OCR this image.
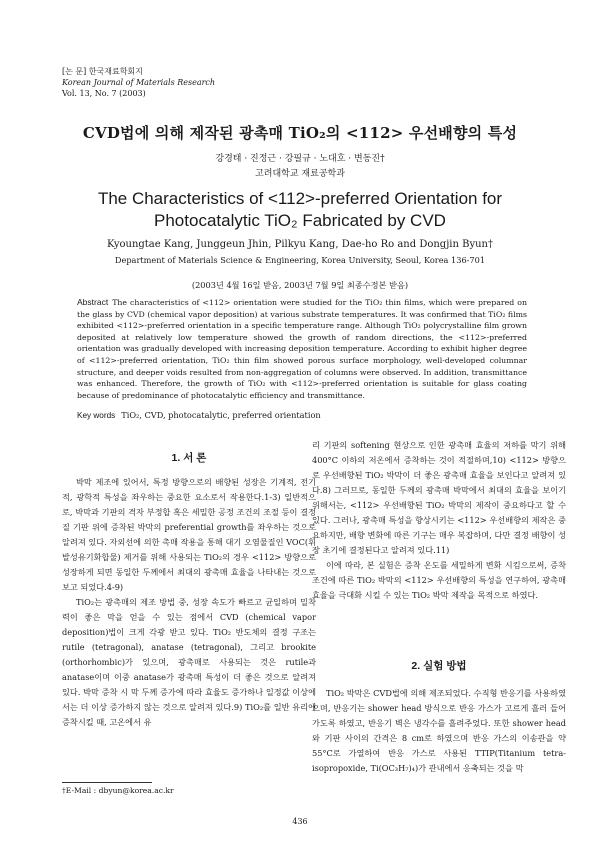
[논 문] 한국재료학회지
Korean Journal of Materials Research
Vol. 13, No. 7 (2003)
CVD법에 의해 제작된 광촉매 TiO₂의 <112> 우선배향의 특성
강경태 · 진정근 · 강필규 · 노대호 · 변동진†
고려대학교 재료공학과
The Characteristics of <112>-preferred Orientation for
Photocatalytic TiO₂ Fabricated by CVD
Kyoungtae Kang, Junggeun Jhin, Pilkyu Kang, Dae-ho Ro and Dongjin Byun†
Department of Materials Science & Engineering, Korea University, Seoul, Korea 136-701
(2003년 4월 16일 받음, 2003년 7월 9일 최종수정본 받음)
Abstract The characteristics of <112> orientation were studied for the TiO₂ thin films, which were prepared on the glass by CVD (chemical vapor deposition) at various substrate temperatures. It was confirmed that TiO₂ films exhibited <112>-preferred orientation in a specific temperature range. Although TiO₂ polycrystalline film grown deposited at relatively low temperature showed the growth of random directions, the <112>-preferred orientation was gradually developed with increasing deposition temperature. According to exhibit higher degree of <112>-preferred orientation, TiO₂ thin film showed porous surface morphology, well-developed columnar structure, and deeper voids resulted from non-aggregation of columns were observed. In addition, transmittance was enhanced. Therefore, the growth of TiO₂ with <112>-preferred orientation is suitable for glass coating because of predominance of photocatalytic efficiency and transmittance.
Key words TiO₂, CVD, photocatalytic, preferred orientation
1. 서 론

박막 제조에 있어서, 특정 방향으로의 배향된 성장은 기계적, 전기적, 광학적 특성을 좌우하는 중요한 요소로서 작용한다.1-3) 일반적으로, 박막과 기판의 격자 부정합 혹은 세밀한 공정 조건의 조절 등이 결정질 기판 위에 증착된 박막의 preferential growth를 좌우하는 것으로 알려져 있다. 자외선에 의한 촉매 작용을 통해 대기 오염물질인 VOC(휘발성유기화합물) 제거를 위해 사용되는 TiO₂의 경우 <112> 방향으로 성장하게 되면 동일한 두께에서 최대의 광촉매 효율을 나타내는 것으로 보고 되었다.4-9)

TiO₂는 광촉매의 제조 방법 중, 성장 속도가 빠르고 균일하며 밀착력이 좋은 막을 얻을 수 있는 점에서 CVD (chemical vapor deposition)법이 크게 각광 받고 있다. TiO₂ 반도체의 결정 구조는 rutile (tetragonal), anatase (tetragonal), 그리고 brookite (orthorhombic)가 있으며, 광촉매로 사용되는 것은 rutile과 anatase이며 이중 anatase가 광촉매 특성이 더 좋은 것으로 알려져 있다. 박막 증착 시 막 두께 증가에 따라 효율도 증가하나 일정값 이상에서는 더 이상 증가하지 않는 것으로 알려져 있다.9) TiO₂를 일반 유리에 증착시킬 때, 고온에서 유

리 기판의 softening 현상으로 인한 광촉매 효율의 저하를 막기 위해 400°C 이하의 저온에서 증착하는 것이 적절하며,10) <112> 방향으로 우선배향된 TiO₂ 박막이 더 좋은 광촉매 효율을 보인다고 알려져 있다.8) 그러므로, 동일한 두께의 광촉매 박막에서 최대의 효율을 보이기 위해서는, <112> 우선배향된 TiO₂ 박막의 제작이 중요하다고 할 수 있다. 그러나, 광촉매 특성을 향상시키는 <112> 우선배향의 제작은 중요하지만, 배향 변화에 따른 기구는 매우 복잡하며, 다만 결정 배향이 성장 초기에 결정된다고 알려져 있다.11)

이에 따라, 본 실험은 증착 온도를 세밀하게 변화 시킴으로써, 증착 조건에 따른 TiO₂ 박막의 <112> 우선배향의 특성을 연구하여, 광촉매 효율을 극대화 시킬 수 있는 TiO₂ 박막 제작을 목적으로 하였다.

2. 실험 방법

TiO₂ 박막은 CVD법에 의해 제조되었다. 수직형 반응기를 사용하였으며, 반응기는 shower head 방식으로 반응 가스가 고르게 흘러 들어가도록 하였고, 반응기 벽은 냉각수를 흘려주었다. 또한 shower head와 기판 사이의 간격은 8 cm로 하였으며 반응 가스의 이송관을 약 55°C로 가열하여 반응 가스로 사용된 TTIP(Titanium tetra-isopropoxide, Ti(OC₃H₇)₄)가 관내에서 응축되는 것을 막

†E-Mail : dbyun@korea.ac.kr
436
